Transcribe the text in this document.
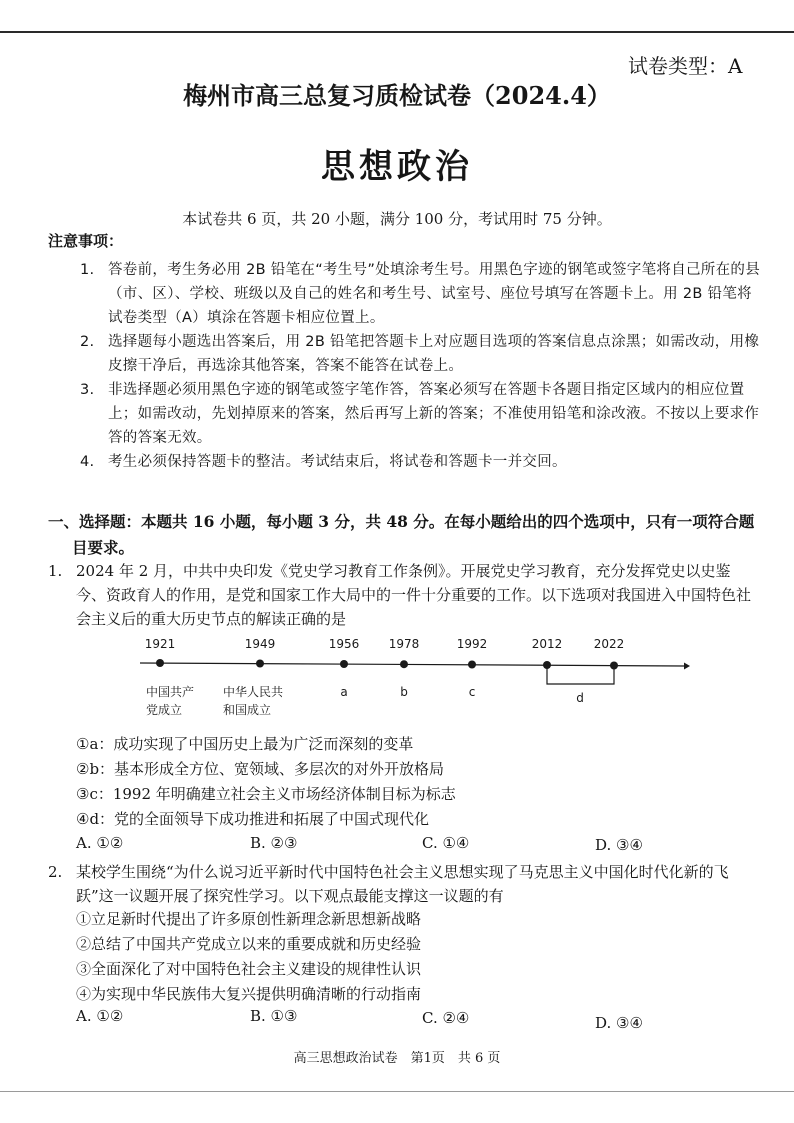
试卷类型：A
梅州市高三总复习质检试卷（2024.4）
思想政治
本试卷共 6 页，共 20 小题，满分 100 分，考试用时 75 分钟。
注意事项：
1. 答卷前，考生务必用 2B 铅笔在“考生号”处填涂考生号。用黑色字迹的钢笔或签字笔将自己所在的县（市、区）、学校、班级以及自己的姓名和考生号、试室号、座位号填写在答题卡上。用 2B 铅笔将试卷类型（A）填涂在答题卡相应位置上。
2. 选择题每小题选出答案后，用 2B 铅笔把答题卡上对应题目选项的答案信息点涂黑；如需改动，用橡皮擦干净后，再选涂其他答案，答案不能答在试卷上。
3. 非选择题必须用黑色字迹的钢笔或签字笔作答，答案必须写在答题卡各题目指定区域内的相应位置上；如需改动，先划掉原来的答案，然后再写上新的答案；不准使用铅笔和涂改液。不按以上要求作答的答案无效。
4. 考生必须保持答题卡的整洁。考试结束后，将试卷和答题卡一并交回。
一、选择题：本题共 16 小题，每小题 3 分，共 48 分。在每小题给出的四个选项中，只有一项符合题目要求。
1. 2024 年 2 月，中共中央印发《党史学习教育工作条例》。开展党史学习教育，充分发挥党史以史鉴今、资政育人的作用，是党和国家工作大局中的一件十分重要的工作。以下选项对我国进入中国特色社会主义后的重大历史节点的解读正确的是
1921	1949	1956 1978	1992	2012	2022
中国共产
党成立
中华人民共
和国成立
a	b	c	d
①a：成功实现了中国历史上最为广泛而深刻的变革
②b：基本形成全方位、宽领域、多层次的对外开放格局
③c：1992 年明确建立社会主义市场经济体制目标为标志
④d：党的全面领导下成功推进和拓展了中国式现代化
A. ①②	B. ②③	C. ①④	D. ③④
2. 某校学生围绕“为什么说习近平新时代中国特色社会主义思想实现了马克思主义中国化时代化新的飞跃”这一议题开展了探究性学习。以下观点最能支撑这一议题的有
①立足新时代提出了许多原创性新理念新思想新战略
②总结了中国共产党成立以来的重要成就和历史经验
③全面深化了对中国特色社会主义建设的规律性认识
④为实现中华民族伟大复兴提供明确清晰的行动指南
A. ①②	B. ①③	C. ②④	D. ③④
高三思想政治试卷　第1页　共 6 页
